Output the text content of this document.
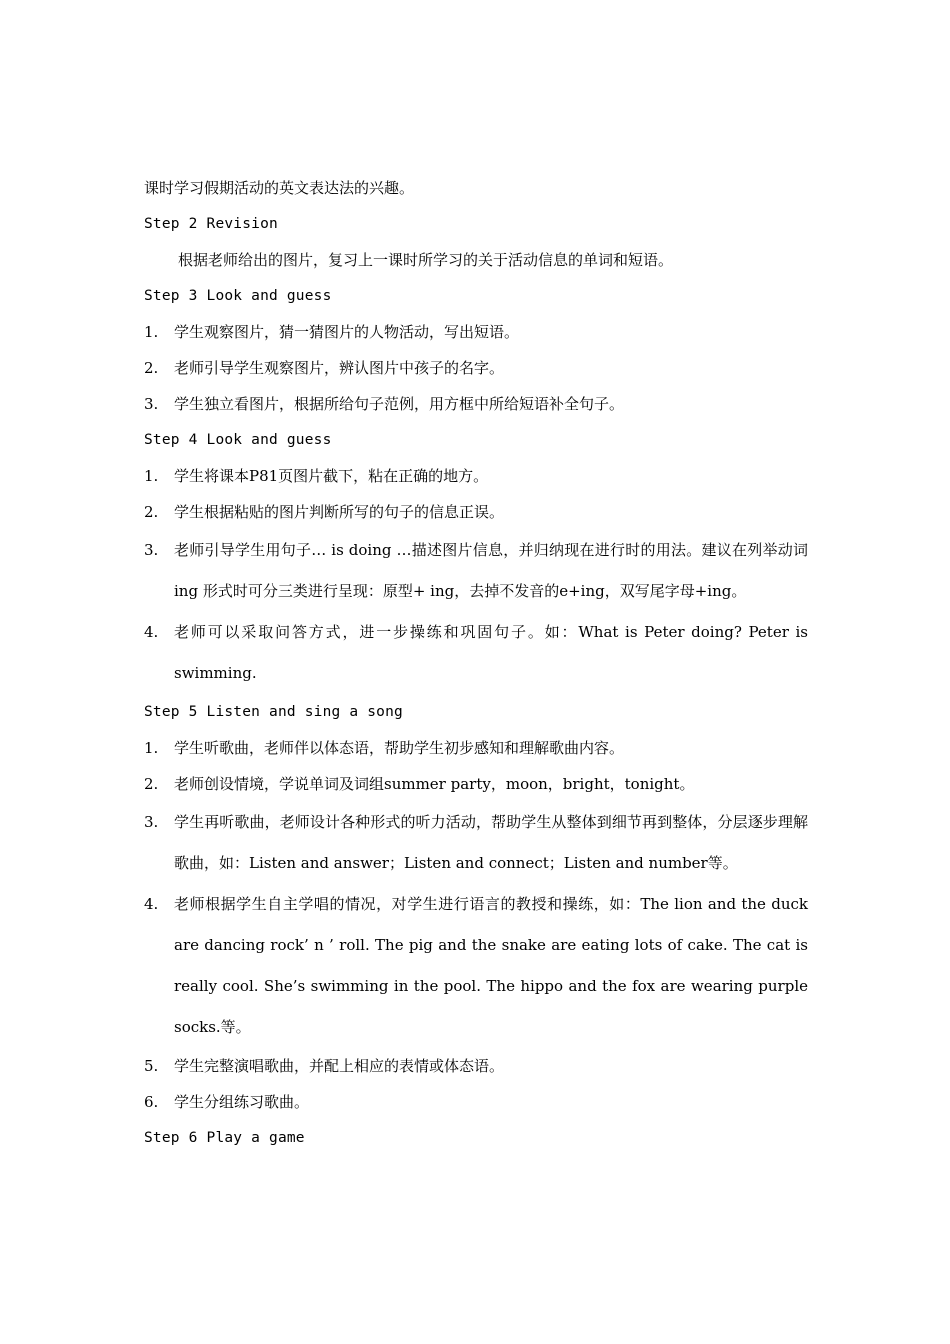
课时学习假期活动的英文表达法的兴趣。

Step 2 Revision

根据老师给出的图片，复习上一课时所学习的关于活动信息的单词和短语。

Step 3 Look and guess

1.	学生观察图片，猜一猜图片的人物活动，写出短语。
2.	老师引导学生观察图片，辨认图片中孩子的名字。
3.	学生独立看图片，根据所给句子范例，用方框中所给短语补全句子。

Step 4 Look and guess

1.	学生将课本P81页图片截下，粘在正确的地方。
2.	学生根据粘贴的图片判断所写的句子的信息正误。
3.	老师引导学生用句子… is doing …描述图片信息，并归纳现在进行时的用法。建议在列举动词ing 形式时可分三类进行呈现：原型+ ing，去掉不发音的e+ing，双写尾字母+ing。
4.	老师可以采取问答方式，进一步操练和巩固句子。如：What is Peter doing? Peter is swimming.

Step 5 Listen and sing a song

1.	学生听歌曲，老师伴以体态语，帮助学生初步感知和理解歌曲内容。
2.	老师创设情境，学说单词及词组summer party，moon，bright，tonight。
3.	学生再听歌曲，老师设计各种形式的听力活动，帮助学生从整体到细节再到整体，分层逐步理解歌曲，如：Listen and answer；Listen and connect；Listen and number等。
4.	老师根据学生自主学唱的情况，对学生进行语言的教授和操练，如：The lion and the duck are dancing rock’ n ’ roll. The pig and the snake are eating lots of cake. The cat is really cool. She’s swimming in the pool. The hippo and the fox are wearing purple socks.等。
5.	学生完整演唱歌曲，并配上相应的表情或体态语。
6.	学生分组练习歌曲。

Step 6 Play a game
